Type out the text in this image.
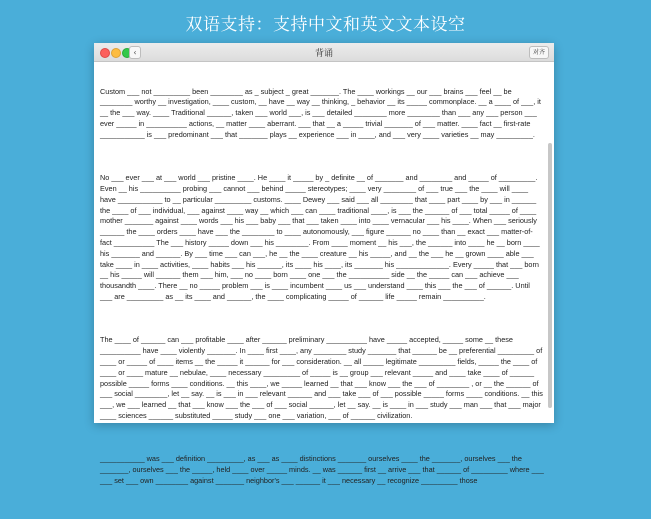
双语支持：支持中文和英文文本设空
‹	背诵	对齐

Custom ___ not _________ been ________ as _ subject _ great _______. The ____ workings __ our ___ brains ___ feel __ be ________ worthy __ investigation, ____ custom, __ have __ way __ thinking, _ behavior __ its _____ commonplace. __ a ____ of ___, it __ the ___ way. ____ Traditional ______, taken ___ world ___, is ___ detailed ________ more ________ than ___ any ___ person ___ ever _____ in __________ actions, __ matter ____ aberrant. ___ that __ a _____ trivial _______ of ___ matter. ____ fact __ first-rate ___________ is ___ predominant ___ that _______ plays __ experience ___ in ____, and ___ very ____ varieties __ may _________.

No ___ ever ___ at ___ world ___ pristine ____. He ____ it _____ by _ definite __ of _______ and ________ and _____ of _________. Even __ his __________ probing ___ cannot ___ behind _____ stereotypes; ____ very ________ of ___ true ___ the ____ will ____ have ___________ to __ particular _________ customs. ____ Dewey ___ said ___ all ________ that ____ part ____ by ___ in ______ the ____ of ___ individual, ___ against ____ way __ which ___ can ____ traditional ____, is ___ the ______ of ___ total _____ of ____ mother _______ against ____ words ___ his ___ baby ___ that ___ taken ____ into ____ vernacular ___ his ____. When ___ seriously ______ the ____ orders ____ have ___ the ________ to ____ autonomously, ___ figure ______ no ____ than __ exact ___ matter-of-fact __________ The ___ history _____ down ___ his ________. From ____ moment __ his ___, the ______ into ____ he __ born ____ his _______ and ______. By ___ time ___ can ___, he __ the ____ creature __ his _____, and __ the ___ he __ grown ____ able ___ take ____ in ____ activities, ____ habits ___ his ______, its ____ his ____, its _______ his _____________. Every _____ that ___ born __ his _____ will ______ them ___ him, ___ no ____ born ____ one ___ the __________ side __ the _____ can ___ achieve ___ thousandth ____. There __ no _____ problem ___ is ____ incumbent ____ us ___ understand ____ this ___ the ___ of ______. Until ___ are _________ as __ its ____ and ______, the ____ complicating _____ of ______ life _____ remain __________.

The ____ of ______ can ___ profitable ____ after ______ preliminary __________ have _____ accepted, _____ some __ these __________ have ____ violently _______. In ____ first ____, any ________ study _______ that ______ be __ preferential _________ of ____ or _____ of ____ items __ the _____ it ______ for ___ consideration. __ all _____ legitimate _________ fields, _____ the ____ of ____ or ____ mature __ nebulae, ____ necessary _________ of _____ is __ group ___ relevant _____ and ____ take ____ of ______ possible _____ forms ____ conditions. __ this ____, we _____ learned __ that ___ know ___ the ___ of ________ , or __ the ______ of ___ social ________, let __ say. __ is ___ in ___ relevant ______ and ___ take ___ of ___ possible _____ forms ____ conditions. __ this ___, we ___ learned __ that ___ know ___ the ___ of ___ social ______, let __ say. __ is ____ in ___ study ___ man ___ that ___ major ____ sciences ______ substituted _____ study ___ one ___ variation, ___ of ______ civilization.

___________ was ___ definition _________, as ___ as ____ distinctions _______ ourselves ____ the _______, ourselves ___ the _______, ourselves ___ the _____, held ____ over _____ minds. __ was ______ first __ arrive ___ that ______ of _________ where ___ ___ set ___ own ________ against _______ neighbor's ___ ______ it ___ necessary __ recognize _________ those
